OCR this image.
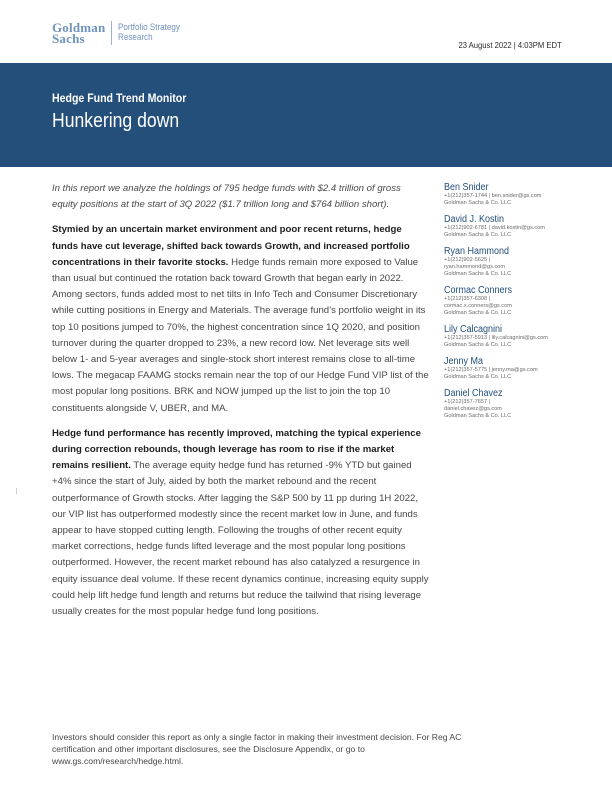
Goldman
Sachs
Portfolio Strategy
Research
23 August 2022 | 4:03PM EDT
Hedge Fund Trend Monitor
Hunkering down

In this report we analyze the holdings of 795 hedge funds with $2.4 trillion of gross equity positions at the start of 3Q 2022 ($1.7 trillion long and $764 billion short).

Stymied by an uncertain market environment and poor recent returns, hedge funds have cut leverage, shifted back towards Growth, and increased portfolio concentrations in their favorite stocks. Hedge funds remain more exposed to Value than usual but continued the rotation back toward Growth that began early in 2022. Among sectors, funds added most to net tilts in Info Tech and Consumer Discretionary while cutting positions in Energy and Materials. The average fund’s portfolio weight in its top 10 positions jumped to 70%, the highest concentration since 1Q 2020, and position turnover during the quarter dropped to 23%, a new record low. Net leverage sits well below 1- and 5-year averages and single-stock short interest remains close to all-time lows. The megacap FAAMG stocks remain near the top of our Hedge Fund VIP list of the most popular long positions. BRK and NOW jumped up the list to join the top 10 constituents alongside V, UBER, and MA.

Hedge fund performance has recently improved, matching the typical experience during correction rebounds, though leverage has room to rise if the market remains resilient. The average equity hedge fund has returned -9% YTD but gained +4% since the start of July, aided by both the market rebound and the recent outperformance of Growth stocks. After lagging the S&P 500 by 11 pp during 1H 2022, our VIP list has outperformed modestly since the recent market low in June, and funds appear to have stopped cutting length. Following the troughs of other recent equity market corrections, hedge funds lifted leverage and the most popular long positions outperformed. However, the recent market rebound has also catalyzed a resurgence in equity issuance deal volume. If these recent dynamics continue, increasing equity supply could help lift hedge fund length and returns but reduce the tailwind that rising leverage usually creates for the most popular hedge fund long positions.

Ben Snider
+1(212)357-1744 | ben.snider@gs.com
Goldman Sachs & Co. LLC
David J. Kostin
+1(212)902-6781 | david.kostin@gs.com
Goldman Sachs & Co. LLC
Ryan Hammond
+1(212)902-5625 |
ryan.hammond@gs.com
Goldman Sachs & Co. LLC
Cormac Conners
+1(212)357-6308 |
cormac.x.conners@gs.com
Goldman Sachs & Co. LLC
Lily Calcagnini
+1(212)357-5913 | lily.calcagnini@gs.com
Goldman Sachs & Co. LLC
Jenny Ma
+1(212)357-5775 | jenny.ma@gs.com
Goldman Sachs & Co. LLC
Daniel Chavez
+1(212)357-7657 |
daniel.chavez@gs.com
Goldman Sachs & Co. LLC
Investors should consider this report as only a single factor in making their investment decision. For Reg AC certification and other important disclosures, see the Disclosure Appendix, or go to www.gs.com/research/hedge.html.
